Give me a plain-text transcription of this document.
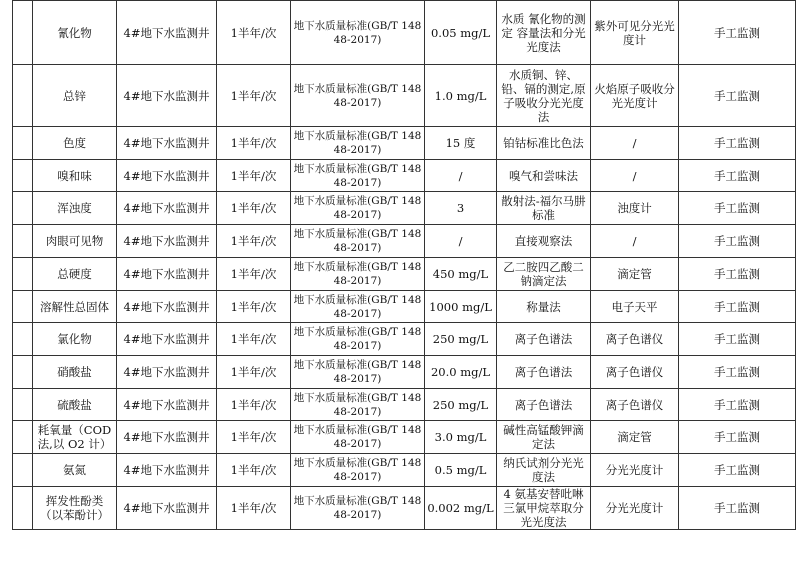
	氰化物	4#地下水监测井	1半年/次	地下水质量标准(GB/T 14848-2017)	0.05 mg/L	水质 氰化物的测定 容量法和分光光度法	紫外可见分光光度计	手工监测
	总锌	4#地下水监测井	1半年/次	地下水质量标准(GB/T 14848-2017)	1.0 mg/L	水质铜、锌、铅、镉的测定,原子吸收分光光度法	火焰原子吸收分光光度计	手工监测
	色度	4#地下水监测井	1半年/次	地下水质量标准(GB/T 14848-2017)	15 度	铂钴标准比色法	/	手工监测
	嗅和味	4#地下水监测井	1半年/次	地下水质量标准(GB/T 14848-2017)	/	嗅气和尝味法	/	手工监测
	浑浊度	4#地下水监测井	1半年/次	地下水质量标准(GB/T 14848-2017)	3	散射法-福尔马肼标准	浊度计	手工监测
	肉眼可见物	4#地下水监测井	1半年/次	地下水质量标准(GB/T 14848-2017)	/	直接观察法	/	手工监测
	总硬度	4#地下水监测井	1半年/次	地下水质量标准(GB/T 14848-2017)	450 mg/L	乙二胺四乙酸二钠滴定法	滴定管	手工监测
	溶解性总固体	4#地下水监测井	1半年/次	地下水质量标准(GB/T 14848-2017)	1000 mg/L	称量法	电子天平	手工监测
	氯化物	4#地下水监测井	1半年/次	地下水质量标准(GB/T 14848-2017)	250 mg/L	离子色谱法	离子色谱仪	手工监测
	硝酸盐	4#地下水监测井	1半年/次	地下水质量标准(GB/T 14848-2017)	20.0 mg/L	离子色谱法	离子色谱仪	手工监测
	硫酸盐	4#地下水监测井	1半年/次	地下水质量标准(GB/T 14848-2017)	250 mg/L	离子色谱法	离子色谱仪	手工监测
	耗氧量（COD 法,以 O2 计）	4#地下水监测井	1半年/次	地下水质量标准(GB/T 14848-2017)	3.0 mg/L	碱性高锰酸钾滴定法	滴定管	手工监测
	氨氮	4#地下水监测井	1半年/次	地下水质量标准(GB/T 14848-2017)	0.5 mg/L	纳氏试剂分光光度法	分光光度计	手工监测
	挥发性酚类（以苯酚计）	4#地下水监测井	1半年/次	地下水质量标准(GB/T 14848-2017)	0.002 mg/L	4 氨基安替吡啉三氯甲烷萃取分光光度法	分光光度计	手工监测
